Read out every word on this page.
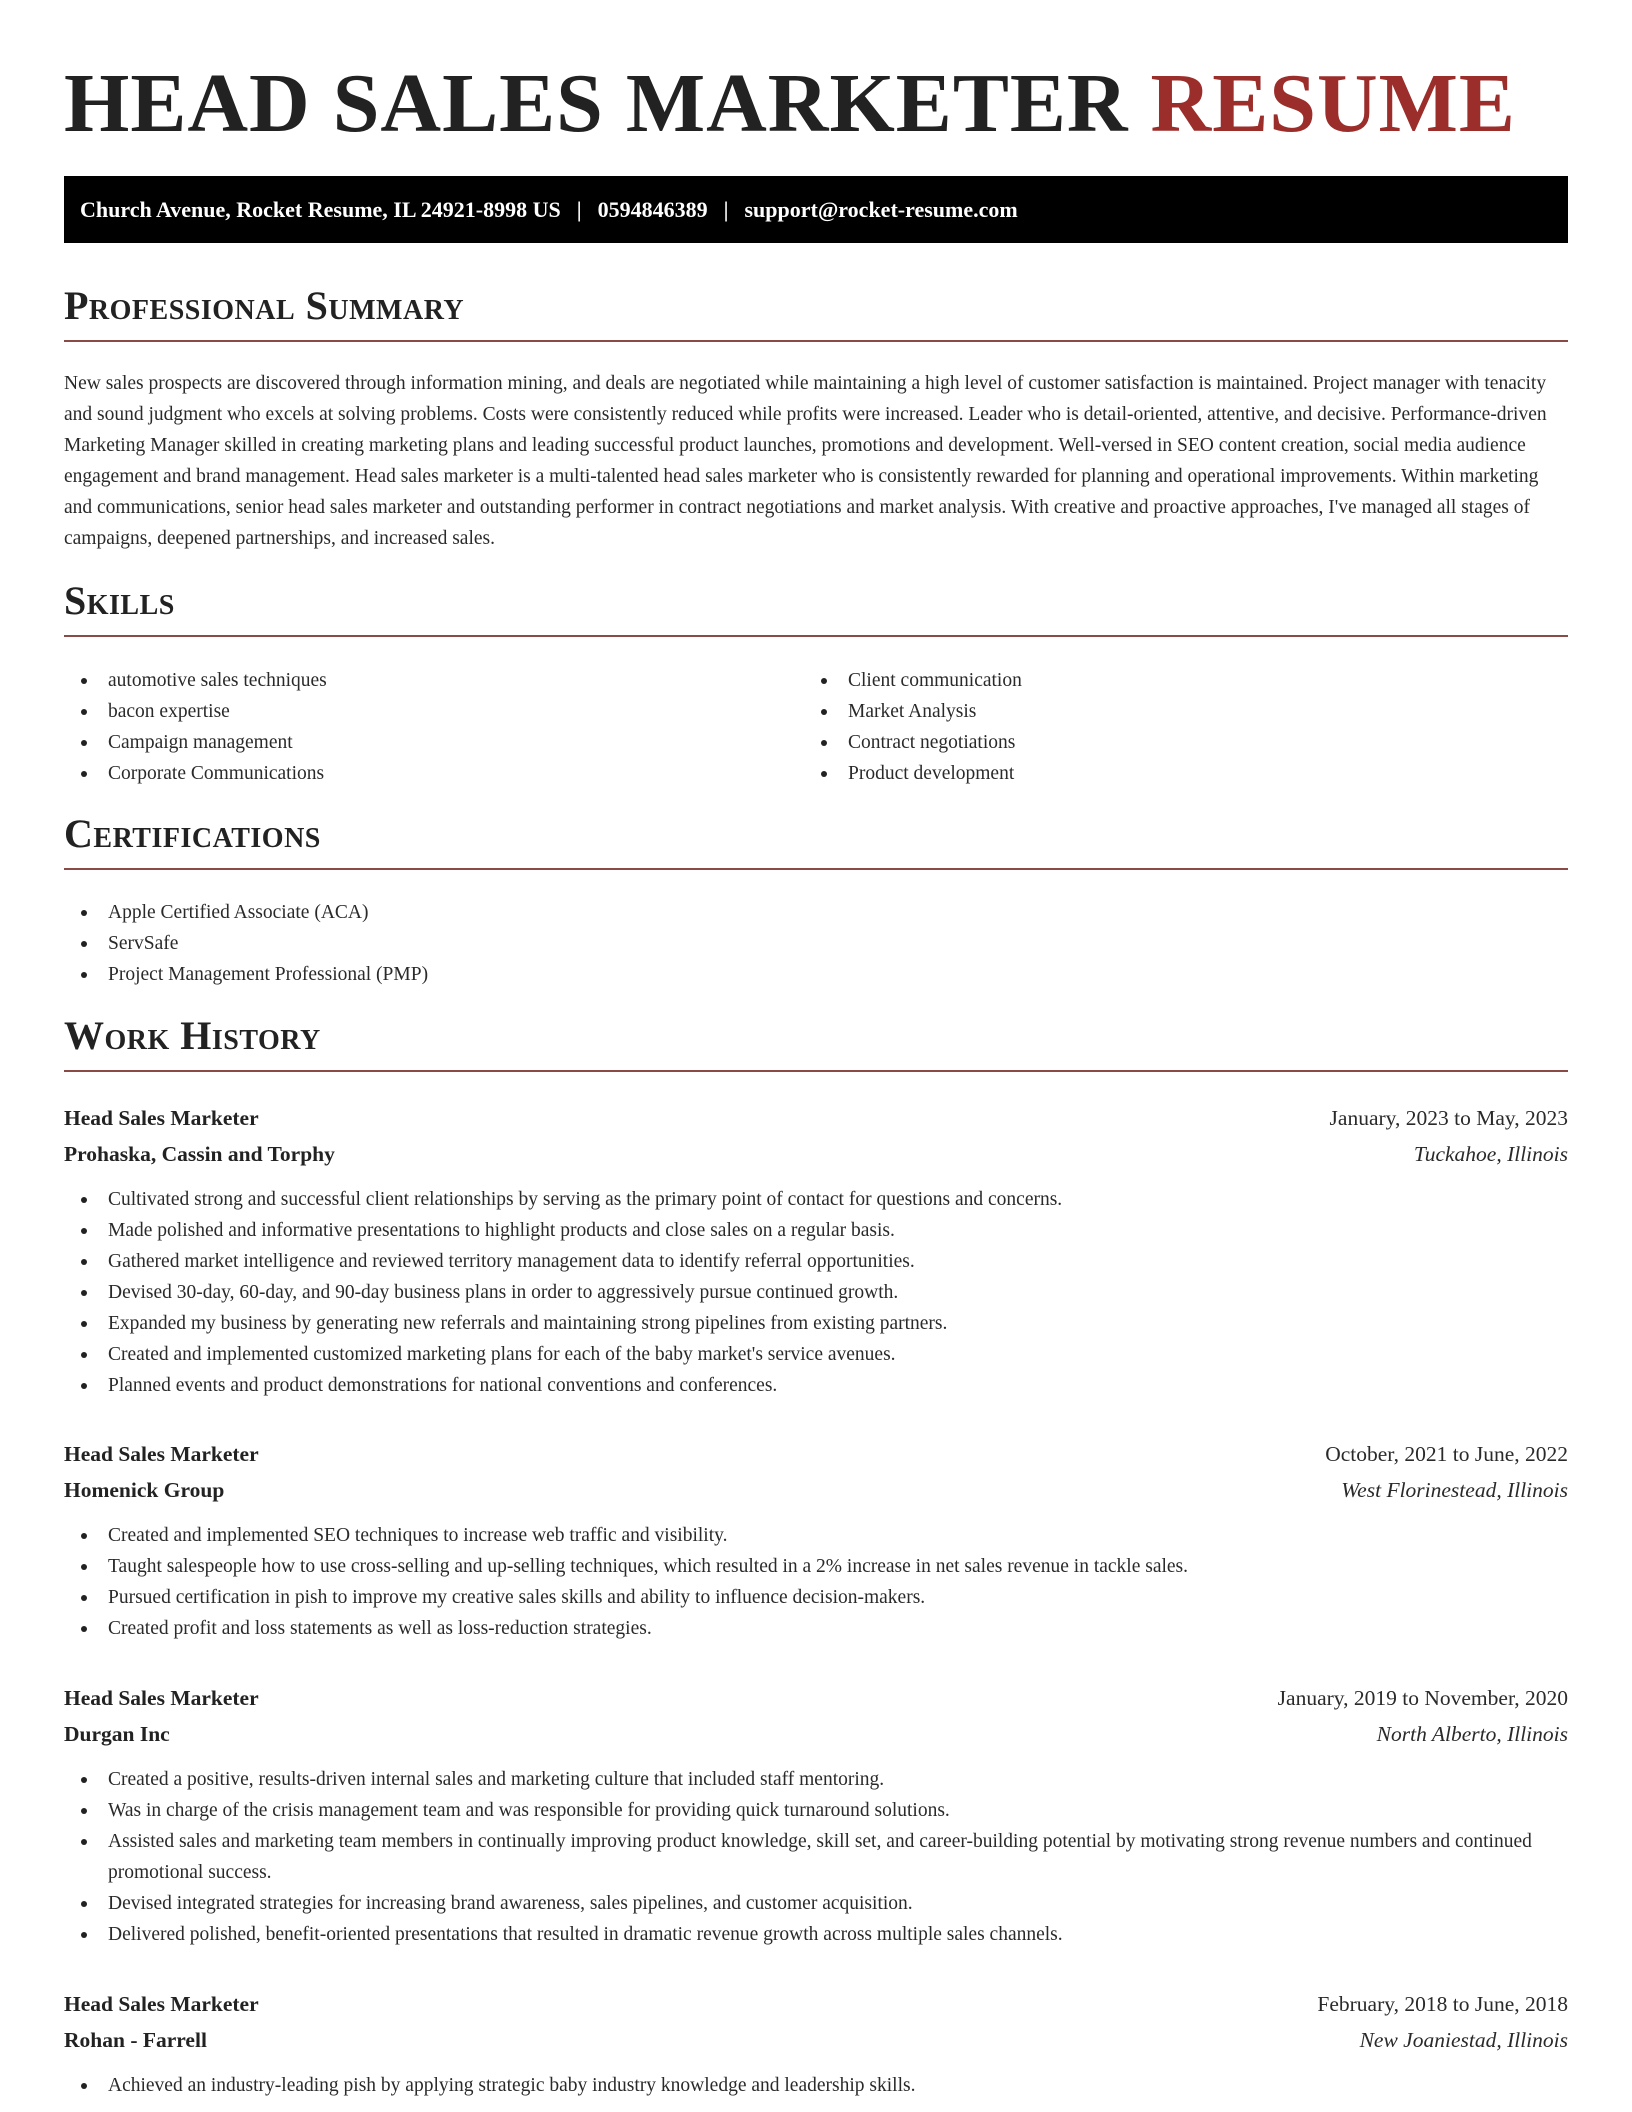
HEAD SALES MARKETER RESUME
Church Avenue, Rocket Resume, IL 24921-8998 US | 0594846389 | support@rocket-resume.com
Professional Summary

New sales prospects are discovered through information mining, and deals are negotiated while maintaining a high level of customer satisfaction is maintained. Project manager with tenacity and sound judgment who excels at solving problems. Costs were consistently reduced while profits were increased. Leader who is detail-oriented, attentive, and decisive. Performance-driven Marketing Manager skilled in creating marketing plans and leading successful product launches, promotions and development. Well-versed in SEO content creation, social media audience engagement and brand management. Head sales marketer is a multi-talented head sales marketer who is consistently rewarded for planning and operational improvements. Within marketing and communications, senior head sales marketer and outstanding performer in contract negotiations and market analysis. With creative and proactive approaches, I've managed all stages of campaigns, deepened partnerships, and increased sales.

Skills
automotive sales techniques
bacon expertise
Campaign management
Corporate Communications
Client communication
Market Analysis
Contract negotiations
Product development
Certifications
Apple Certified Associate (ACA)
ServSafe
Project Management Professional (PMP)
Work History
Head Sales Marketer	January, 2023 to May, 2023
Prohaska, Cassin and Torphy	Tuckahoe, Illinois
Cultivated strong and successful client relationships by serving as the primary point of contact for questions and concerns.
Made polished and informative presentations to highlight products and close sales on a regular basis.
Gathered market intelligence and reviewed territory management data to identify referral opportunities.
Devised 30-day, 60-day, and 90-day business plans in order to aggressively pursue continued growth.
Expanded my business by generating new referrals and maintaining strong pipelines from existing partners.
Created and implemented customized marketing plans for each of the baby market's service avenues.
Planned events and product demonstrations for national conventions and conferences.
Head Sales Marketer	October, 2021 to June, 2022
Homenick Group	West Florinestead, Illinois
Created and implemented SEO techniques to increase web traffic and visibility.
Taught salespeople how to use cross-selling and up-selling techniques, which resulted in a 2% increase in net sales revenue in tackle sales.
Pursued certification in pish to improve my creative sales skills and ability to influence decision-makers.
Created profit and loss statements as well as loss-reduction strategies.
Head Sales Marketer	January, 2019 to November, 2020
Durgan Inc	North Alberto, Illinois
Created a positive, results-driven internal sales and marketing culture that included staff mentoring.
Was in charge of the crisis management team and was responsible for providing quick turnaround solutions.
Assisted sales and marketing team members in continually improving product knowledge, skill set, and career-building potential by motivating strong revenue numbers and continued promotional success.
Devised integrated strategies for increasing brand awareness, sales pipelines, and customer acquisition.
Delivered polished, benefit-oriented presentations that resulted in dramatic revenue growth across multiple sales channels.
Head Sales Marketer	February, 2018 to June, 2018
Rohan - Farrell	New Joaniestad, Illinois
Achieved an industry-leading pish by applying strategic baby industry knowledge and leadership skills.
